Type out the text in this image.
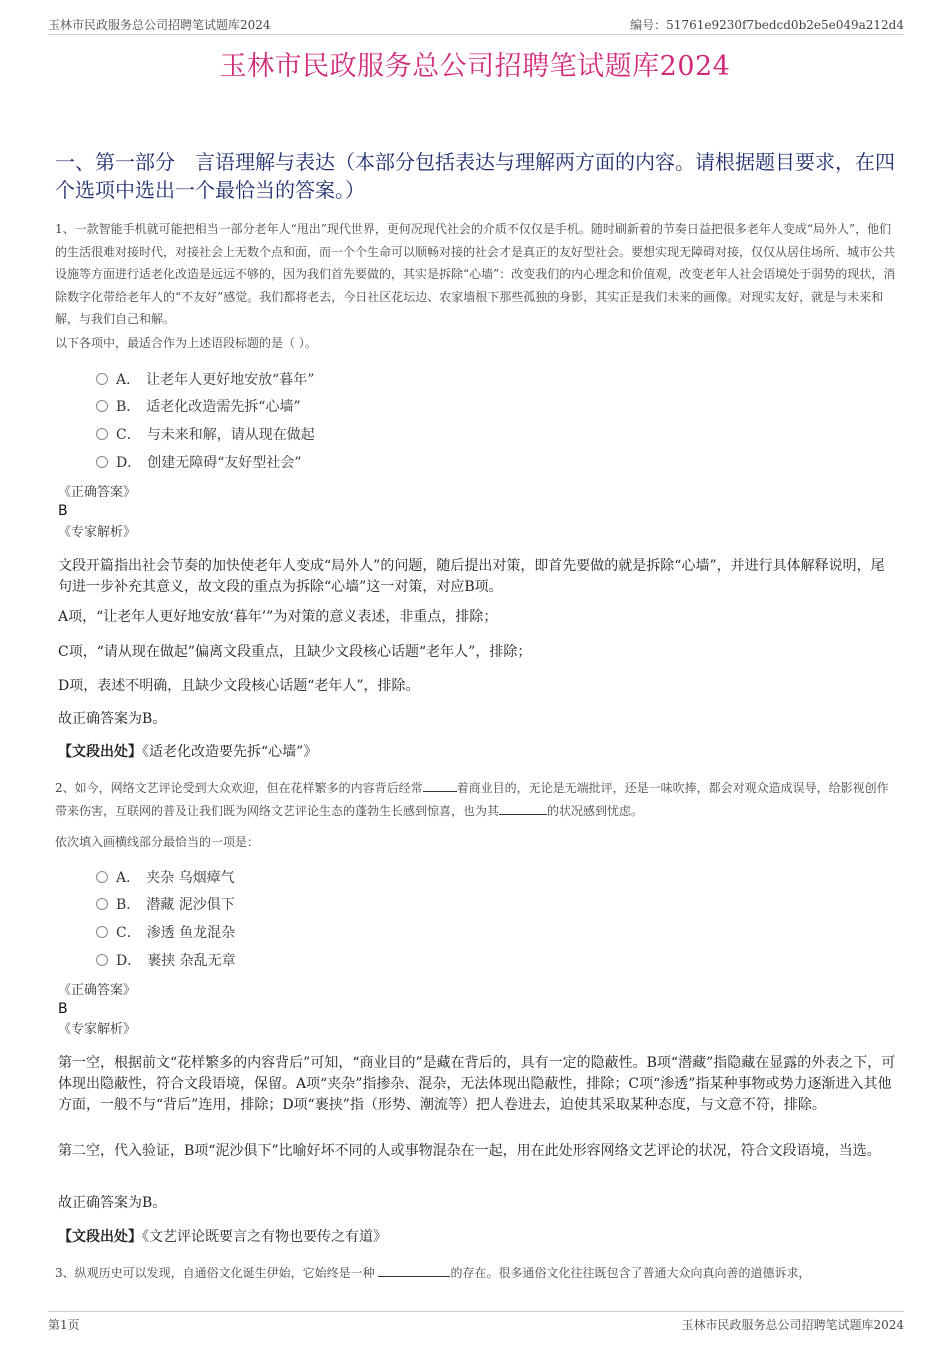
玉林市民政服务总公司招聘笔试题库2024	编号：51761e9230f7bedcd0b2e5e049a212d4
玉林市民政服务总公司招聘笔试题库2024
一、第一部分　言语理解与表达（本部分包括表达与理解两方面的内容。请根据题目要求，在四个选项中选出一个最恰当的答案。）
1、一款智能手机就可能把相当一部分老年人“甩出”现代世界，更何况现代社会的介质不仅仅是手机。随时刷新着的节奏日益把很多老年人变成“局外人”，他们的生活很难对接时代，对接社会上无数个点和面，而一个个生命可以顺畅对接的社会才是真正的友好型社会。要想实现无障碍对接，仅仅从居住场所、城市公共设施等方面进行适老化改造是远远不够的，因为我们首先要做的，其实是拆除“心墙”：改变我们的内心理念和价值观，改变老年人社会语境处于弱势的现状，消除数字化带给老年人的“不友好”感觉。我们都将老去，今日社区花坛边、农家墙根下那些孤独的身影，其实正是我们未来的画像。对现实友好，就是与未来和解，与我们自己和解。
以下各项中，最适合作为上述语段标题的是（ ）。
A． 让老年人更好地安放“暮年”
B． 适老化改造需先拆“心墙”
C． 与未来和解，请从现在做起
D． 创建无障碍“友好型社会”
《正确答案》
B
《专家解析》
文段开篇指出社会节奏的加快使老年人变成“局外人”的问题，随后提出对策，即首先要做的就是拆除“心墙”，并进行具体解释说明，尾句进一步补充其意义，故文段的重点为拆除“心墙”这一对策，对应B项。
A项，“让老年人更好地安放‘暮年’”为对策的意义表述，非重点，排除；
C项，“请从现在做起”偏离文段重点，且缺少文段核心话题“老年人”，排除；
D项，表述不明确，且缺少文段核心话题“老年人”，排除。
故正确答案为B。
【文段出处】《适老化改造要先拆“心墙”》
2、如今，网络文艺评论受到大众欢迎，但在花样繁多的内容背后经常	着商业目的，无论是无端批评，还是一味吹捧，都会对观众造成误导，给影视创作带来伤害，互联网的普及让我们既为网络文艺评论生态的蓬勃生长感到惊喜，也为其	的状况感到忧虑。
依次填入画横线部分最恰当的一项是：
A． 夹杂 乌烟瘴气
B． 潜藏 泥沙俱下
C． 渗透 鱼龙混杂
D． 裹挟 杂乱无章
《正确答案》
B
《专家解析》
第一空，根据前文“花样繁多的内容背后”可知，“商业目的”是藏在背后的，具有一定的隐蔽性。B项“潜藏”指隐藏在显露的外表之下，可体现出隐蔽性，符合文段语境，保留。A项“夹杂”指掺杂、混杂，无法体现出隐蔽性，排除；C项“渗透”指某种事物或势力逐渐进入其他方面，一般不与“背后”连用，排除；D项“裹挟”指（形势、潮流等）把人卷进去，迫使其采取某种态度，与文意不符，排除。
第二空，代入验证，B项“泥沙俱下”比喻好坏不同的人或事物混杂在一起，用在此处形容网络文艺评论的状况，符合文段语境，当选。
故正确答案为B。
【文段出处】《文艺评论既要言之有物也要传之有道》
3、纵观历史可以发现，自通俗文化诞生伊始，它始终是一种	的存在。很多通俗文化往往既包含了普通大众向真向善的道德诉求，
第1页	玉林市民政服务总公司招聘笔试题库2024
